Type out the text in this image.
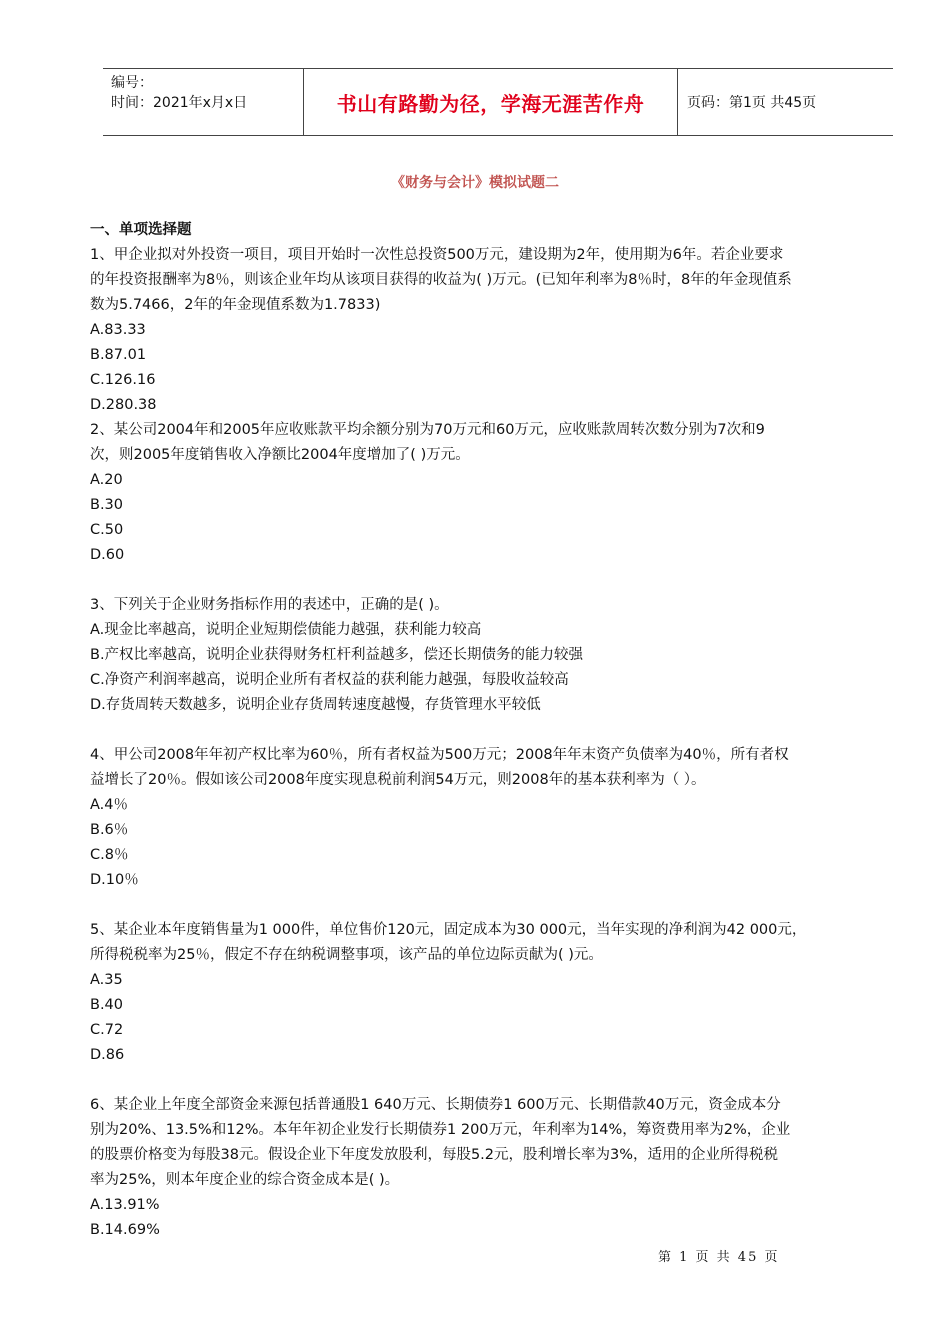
编号：
时间：2021年x月x日	书山有路勤为径，学海无涯苦作舟	页码：第1页 共45页
《财务与会计》模拟试题二

一、单项选择题

1、甲企业拟对外投资一项目，项目开始时一次性总投资500万元，建设期为2年，使用期为6年。若企业要求

的年投资报酬率为8％，则该企业年均从该项目获得的收益为( )万元。(已知年利率为8％时，8年的年金现值系

数为5.7466，2年的年金现值系数为1.7833)

A.83.33

B.87.01

C.126.16

D.280.38

2、某公司2004年和2005年应收账款平均余额分别为70万元和60万元，应收账款周转次数分别为7次和9

次，则2005年度销售收入净额比2004年度增加了( )万元。

A.20

B.30

C.50

D.60

3、下列关于企业财务指标作用的表述中，正确的是( )。

A.现金比率越高，说明企业短期偿债能力越强，获利能力较高

B.产权比率越高，说明企业获得财务杠杆利益越多，偿还长期债务的能力较强

C.净资产利润率越高，说明企业所有者权益的获利能力越强，每股收益较高

D.存货周转天数越多，说明企业存货周转速度越慢，存货管理水平较低

4、甲公司2008年年初产权比率为60％，所有者权益为500万元；2008年年末资产负债率为40％，所有者权

益增长了20％。假如该公司2008年度实现息税前利润54万元，则2008年的基本获利率为（ ）。

A.4％

B.6％

C.8％

D.10％

5、某企业本年度销售量为1 000件，单位售价120元，固定成本为30 000元，当年实现的净利润为42 000元，

所得税税率为25％，假定不存在纳税调整事项，该产品的单位边际贡献为( )元。

A.35

B.40

C.72

D.86

6、某企业上年度全部资金来源包括普通股1 640万元、长期债券1 600万元、长期借款40万元，资金成本分

别为20%、13.5%和12%。本年年初企业发行长期债券1 200万元，年利率为14%，筹资费用率为2%，企业

的股票价格变为每股38元。假设企业下年度发放股利，每股5.2元，股利增长率为3%，适用的企业所得税税

率为25%，则本年度企业的综合资金成本是( )。

A.13.91%

B.14.69%

第 1 页 共 45 页
